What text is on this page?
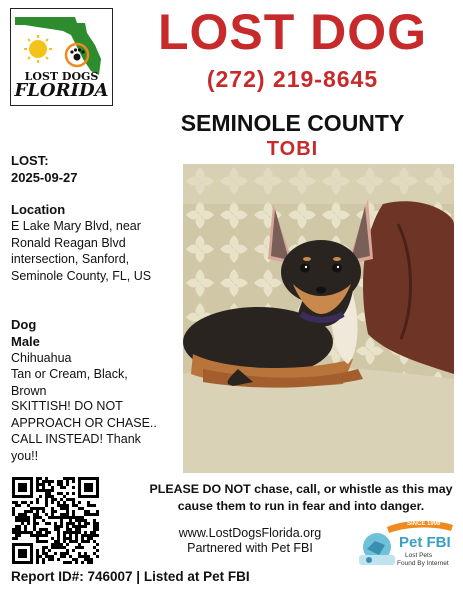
LOST DOGS
FLORIDA
LOST DOG
(272) 219-8645
SEMINOLE COUNTY
TOBI
LOST:
2025-09-27
Location
E Lake Mary Blvd, near Ronald Reagan Blvd intersection, Sanford, Seminole County, FL, US
Dog
Male
Chihuahua
Tan or Cream, Black, Brown
SKITTISH! DO NOT APPROACH OR CHASE.. CALL INSTEAD! Thank you!!
PLEASE DO NOT chase, call, or whistle as this may cause them to run in fear and into danger.
www.LostDogsFlorida.org
Partnered with Pet FBI
SINCE 1998
Pet FBI
Lost Pets
Found By Internet
Report ID#: 746007 | Listed at Pet FBI
